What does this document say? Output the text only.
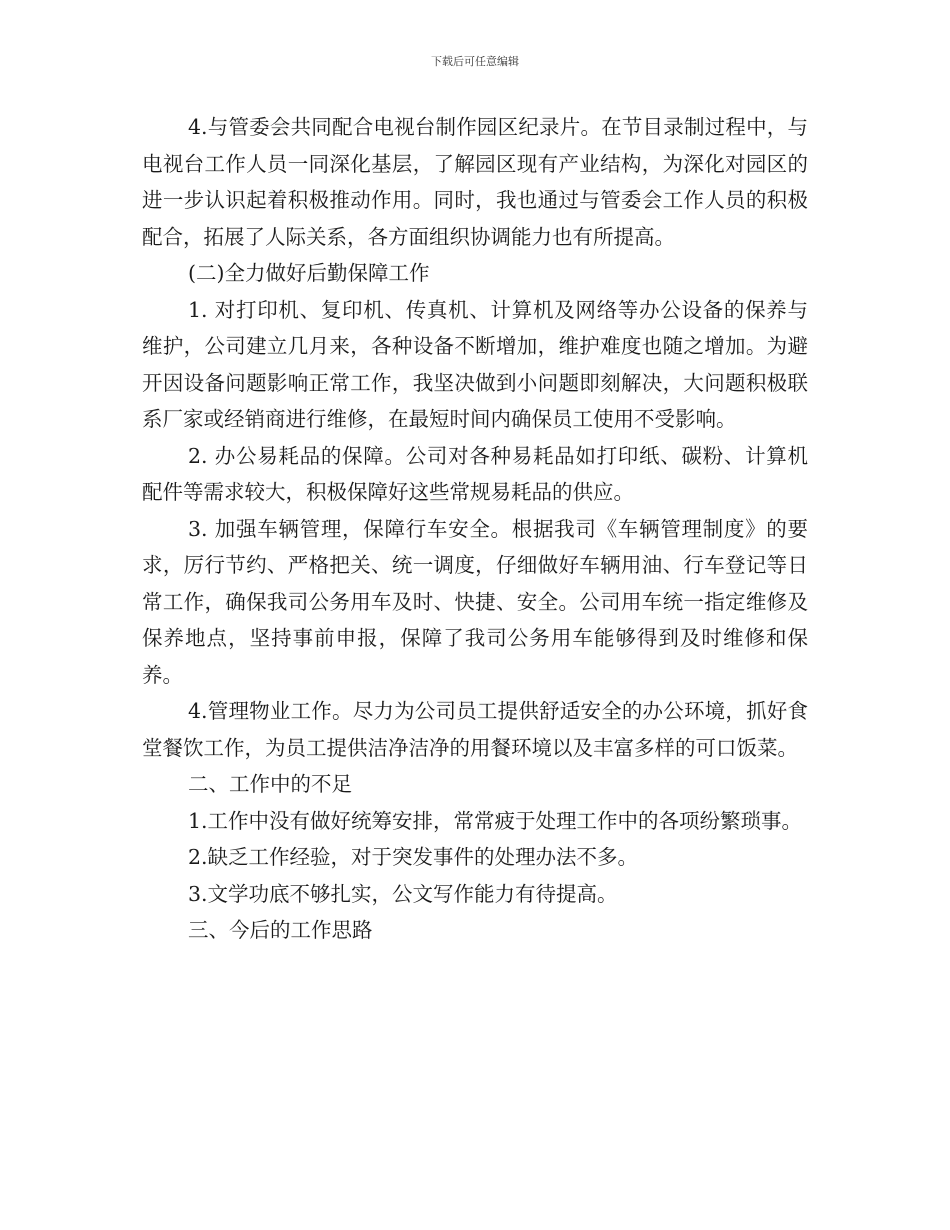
下载后可任意编辑

4.与管委会共同配合电视台制作园区纪录片。在节目录制过程中，与电视台工作人员一同深化基层，了解园区现有产业结构，为深化对园区的进一步认识起着积极推动作用。同时，我也通过与管委会工作人员的积极配合，拓展了人际关系，各方面组织协调能力也有所提高。

(二)全力做好后勤保障工作

1. 对打印机、复印机、传真机、计算机及网络等办公设备的保养与维护，公司建立几月来，各种设备不断增加，维护难度也随之增加。为避开因设备问题影响正常工作，我坚决做到小问题即刻解决，大问题积极联系厂家或经销商进行维修，在最短时间内确保员工使用不受影响。

2. 办公易耗品的保障。公司对各种易耗品如打印纸、碳粉、计算机配件等需求较大，积极保障好这些常规易耗品的供应。

3. 加强车辆管理，保障行车安全。根据我司《车辆管理制度》的要求，厉行节约、严格把关、统一调度，仔细做好车辆用油、行车登记等日常工作，确保我司公务用车及时、快捷、安全。公司用车统一指定维修及保养地点，坚持事前申报，保障了我司公务用车能够得到及时维修和保养。

4.管理物业工作。尽力为公司员工提供舒适安全的办公环境，抓好食堂餐饮工作，为员工提供洁净洁净的用餐环境以及丰富多样的可口饭菜。

二、工作中的不足

1.工作中没有做好统筹安排，常常疲于处理工作中的各项纷繁琐事。

2.缺乏工作经验，对于突发事件的处理办法不多。

3.文学功底不够扎实，公文写作能力有待提高。

三、今后的工作思路
